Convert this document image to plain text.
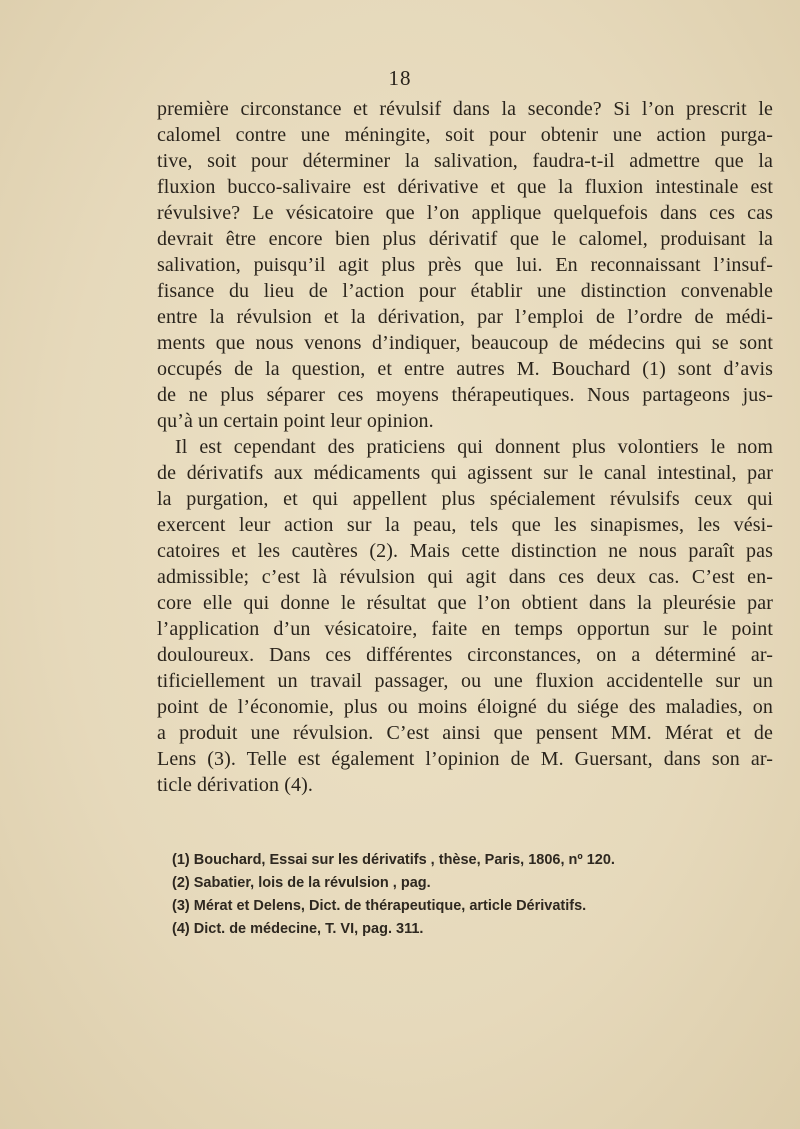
18
première circonstance et révulsif dans la seconde? Si l’on prescrit le
calomel contre une méningite, soit pour obtenir une action purga-
tive, soit pour déterminer la salivation, faudra-t-il admettre que la
fluxion bucco-salivaire est dérivative et que la fluxion intestinale est
révulsive? Le vésicatoire que l’on applique quelquefois dans ces cas
devrait être encore bien plus dérivatif que le calomel, produisant la
salivation, puisqu’il agit plus près que lui. En reconnaissant l’insuf-
fisance du lieu de l’action pour établir une distinction convenable
entre la révulsion et la dérivation, par l’emploi de l’ordre de médi-
ments que nous venons d’indiquer, beaucoup de médecins qui se sont
occupés de la question, et entre autres M. Bouchard (1) sont d’avis
de ne plus séparer ces moyens thérapeutiques. Nous partageons jus-
qu’à un certain point leur opinion.
Il est cependant des praticiens qui donnent plus volontiers le nom
de dérivatifs aux médicaments qui agissent sur le canal intestinal, par
la purgation, et qui appellent plus spécialement révulsifs ceux qui
exercent leur action sur la peau, tels que les sinapismes, les vési-
catoires et les cautères (2). Mais cette distinction ne nous paraît pas
admissible; c’est là révulsion qui agit dans ces deux cas. C’est en-
core elle qui donne le résultat que l’on obtient dans la pleurésie par
l’application d’un vésicatoire, faite en temps opportun sur le point
douloureux. Dans ces différentes circonstances, on a déterminé ar-
tificiellement un travail passager, ou une fluxion accidentelle sur un
point de l’économie, plus ou moins éloigné du siége des maladies, on
a produit une révulsion. C’est ainsi que pensent MM. Mérat et de
Lens (3). Telle est également l’opinion de M. Guersant, dans son ar-
ticle dérivation (4).
(1) Bouchard, Essai sur les dérivatifs , thèse, Paris, 1806, nº 120.
(2) Sabatier, lois de la révulsion , pag.
(3) Mérat et Delens, Dict. de thérapeutique, article Dérivatifs.
(4) Dict. de médecine, T. VI, pag. 311.
